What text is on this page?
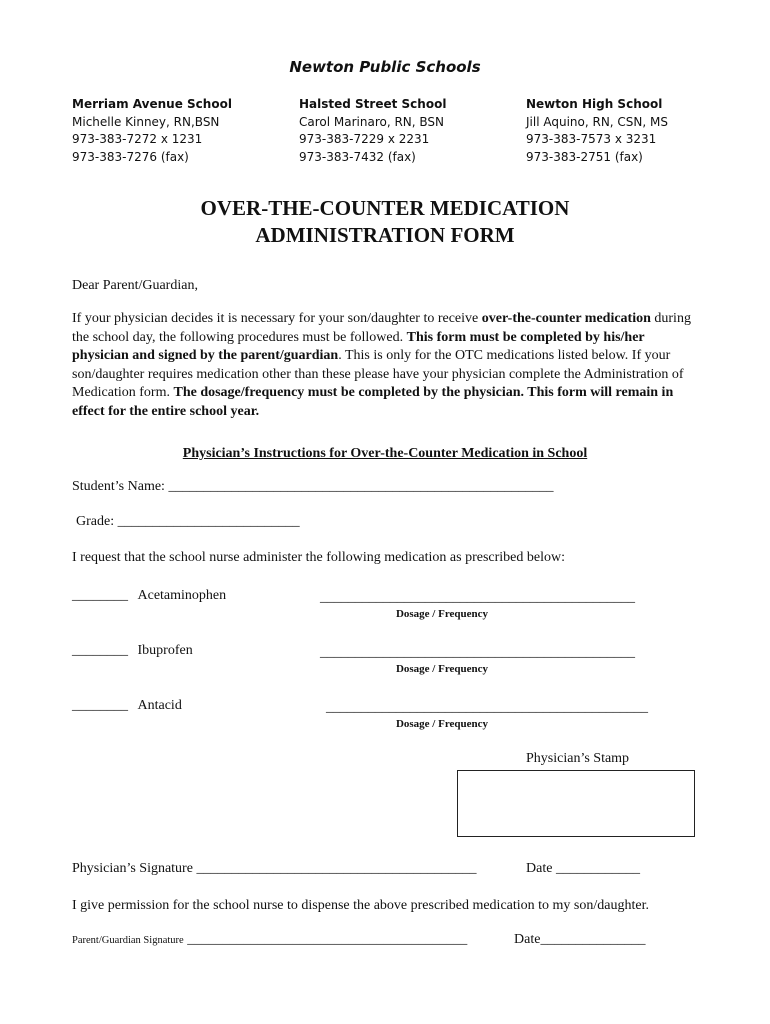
Newton Public Schools
Merriam Avenue School
Michelle Kinney, RN,BSN
973-383-7272 x 1231
973-383-7276 (fax)
Halsted Street School
Carol Marinaro, RN, BSN
973-383-7229 x 2231
973-383-7432 (fax)
Newton High School
Jill Aquino, RN, CSN, MS
973-383-7573 x 3231
973-383-2751 (fax)
OVER-THE-COUNTER MEDICATION
ADMINISTRATION FORM
Dear Parent/Guardian,
If your physician decides it is necessary for your son/daughter to receive over-the-counter medication during the school day, the following procedures must be followed. This form must be completed by his/her physician and signed by the parent/guardian. This is only for the OTC medications listed below. If your son/daughter requires medication other than these please have your physician complete the Administration of Medication form. The dosage/frequency must be completed by the physician. This form will remain in effect for the entire school year.
Physician’s Instructions for Over-the-Counter Medication in School
Student’s Name: _______________________________________________________
Grade: __________________________
I request that the school nurse administer the following medication as prescribed below:
________ Acetaminophen	_____________________________________________
Dosage / Frequency
________ Ibuprofen	_____________________________________________
Dosage / Frequency
________ Antacid	______________________________________________
Dosage / Frequency
Physician’s Stamp
Physician’s Signature ________________________________________	Date ____________
I give permission for the school nurse to dispense the above prescribed medication to my son/daughter.
Parent/Guardian Signature ________________________________________	Date_______________
